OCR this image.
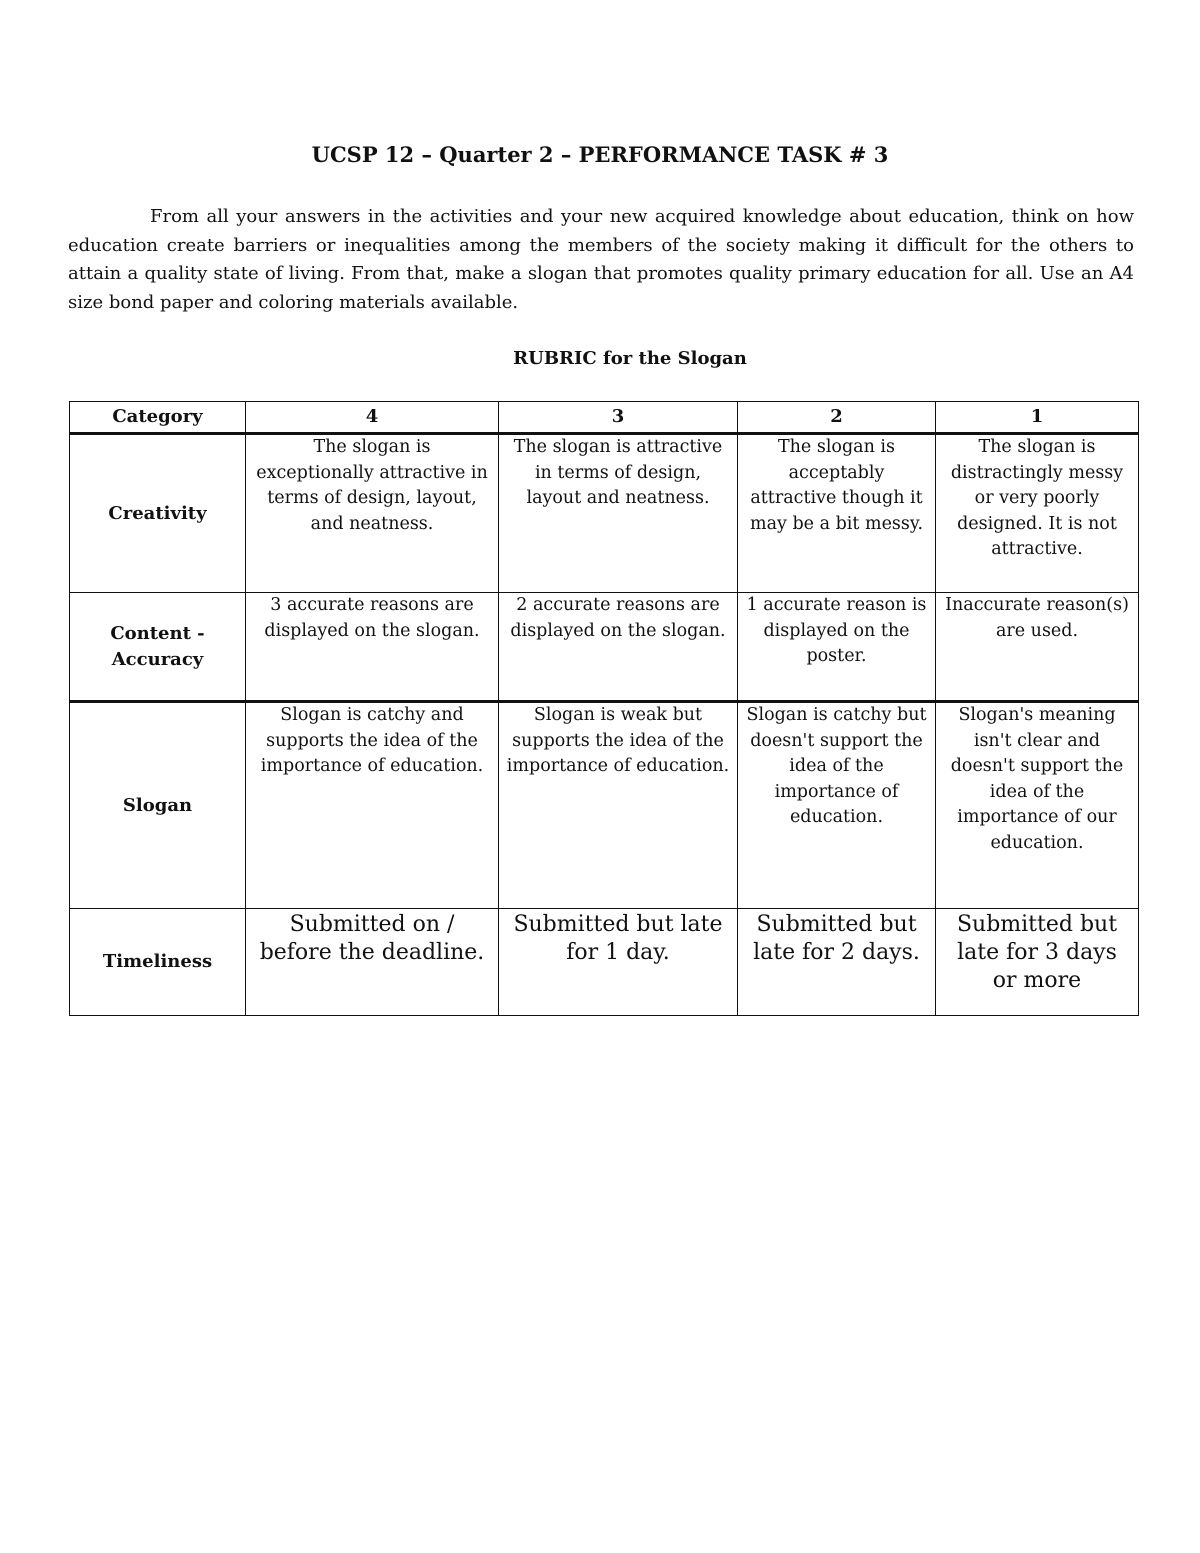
UCSP 12 – Quarter 2 – PERFORMANCE TASK # 3

From all your answers in the activities and your new acquired knowledge about education, think on how education create barriers or inequalities among the members of the society making it difficult for the others to attain a quality state of living. From that, make a slogan that promotes quality primary education for all. Use an A4 size bond paper and coloring materials available.

RUBRIC for the Slogan
Category	4	3	2	1
Creativity	The slogan is exceptionally attractive in terms of design, layout, and neatness.	The slogan is attractive in terms of design, layout and neatness.	The slogan is acceptably attractive though it may be a bit messy.	The slogan is distractingly messy or very poorly designed. It is not attractive.
Content - Accuracy	3 accurate reasons are displayed on the slogan.	2 accurate reasons are displayed on the slogan.	1 accurate reason is displayed on the poster.	Inaccurate reason(s) are used.
Slogan	Slogan is catchy and supports the idea of the importance of education.	Slogan is weak but supports the idea of the importance of education.	Slogan is catchy but doesn't support the idea of the importance of education.	Slogan's meaning isn't clear and doesn't support the idea of the importance of our education.
Timeliness	Submitted on / before the deadline.	Submitted but late for 1 day.	Submitted but late for 2 days.	Submitted but late for 3 days or more
